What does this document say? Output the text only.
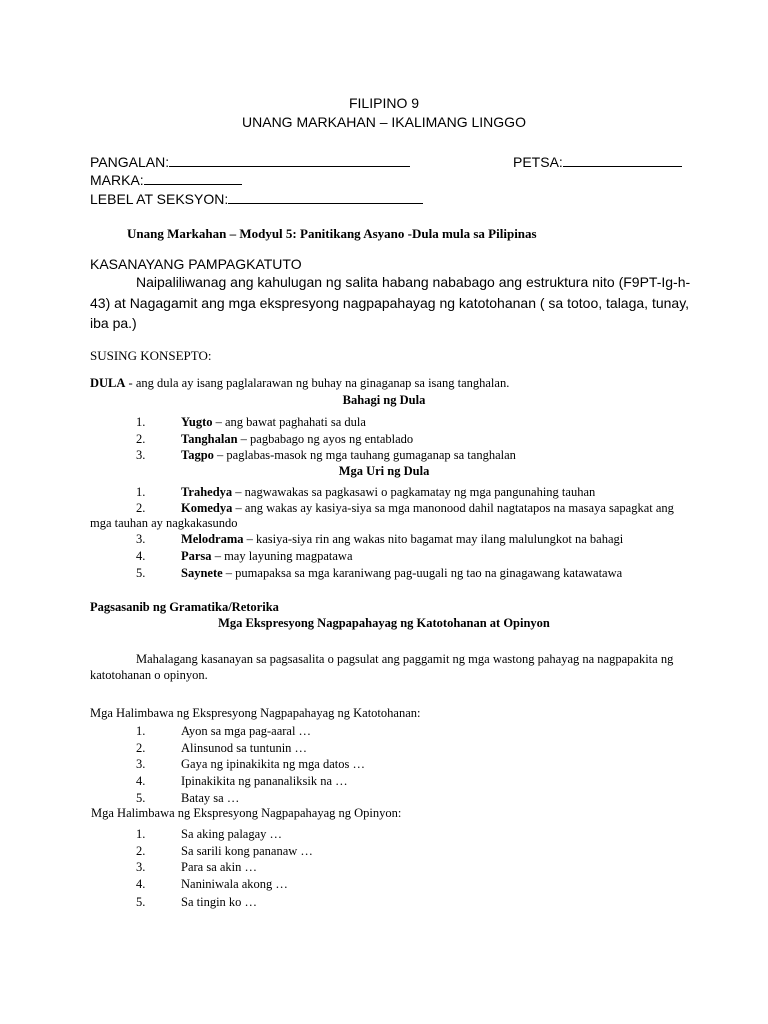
FILIPINO 9
UNANG MARKAHAN – IKALIMANG LINGGO
PANGALAN:	PETSA:
MARKA:
LEBEL AT SEKSYON:
Unang Markahan – Modyul 5: Panitikang Asyano -Dula mula sa Pilipinas
KASANAYANG PAMPAGKATUTO
Naipaliliwanag ang kahulugan ng salita habang nababago ang estruktura nito (F9PT-Ig-h-
43) at Nagagamit ang mga ekspresyong nagpapahayag ng katotohanan ( sa totoo, talaga, tunay,
iba pa.)
SUSING KONSEPTO:
DULA - ang dula ay isang paglalarawan ng buhay na ginaganap sa isang tanghalan.
Bahagi ng Dula
1.	Yugto – ang bawat paghahati sa dula
2.	Tanghalan – pagbabago ng ayos ng entablado
3.	Tagpo – paglabas-masok ng mga tauhang gumaganap sa tanghalan
Mga Uri ng Dula
1.	Trahedya – nagwawakas sa pagkasawi o pagkamatay ng mga pangunahing tauhan
2.	Komedya – ang wakas ay kasiya-siya sa mga manonood dahil nagtatapos na masaya sapagkat ang
mga tauhan ay nagkakasundo
3.	Melodrama – kasiya-siya rin ang wakas nito bagamat may ilang malulungkot na bahagi
4.	Parsa – may layuning magpatawa
5.	Saynete – pumapaksa sa mga karaniwang pag-uugali ng tao na ginagawang katawatawa
Pagsasanib ng Gramatika/Retorika
Mga Ekspresyong Nagpapahayag ng Katotohanan at Opinyon
Mahalagang kasanayan sa pagsasalita o pagsulat ang paggamit ng mga wastong pahayag na nagpapakita ng
katotohanan o opinyon.
Mga Halimbawa ng Ekspresyong Nagpapahayag ng Katotohanan:
1.	Ayon sa mga pag-aaral …
2.	Alinsunod sa tuntunin …
3.	Gaya ng ipinakikita ng mga datos …
4.	Ipinakikita ng pananaliksik na …
5.	Batay sa …
Mga Halimbawa ng Ekspresyong Nagpapahayag ng Opinyon:
1.	Sa aking palagay …
2.	Sa sarili kong pananaw …
3.	Para sa akin …
4.	Naniniwala akong …
5.	Sa tingin ko …
